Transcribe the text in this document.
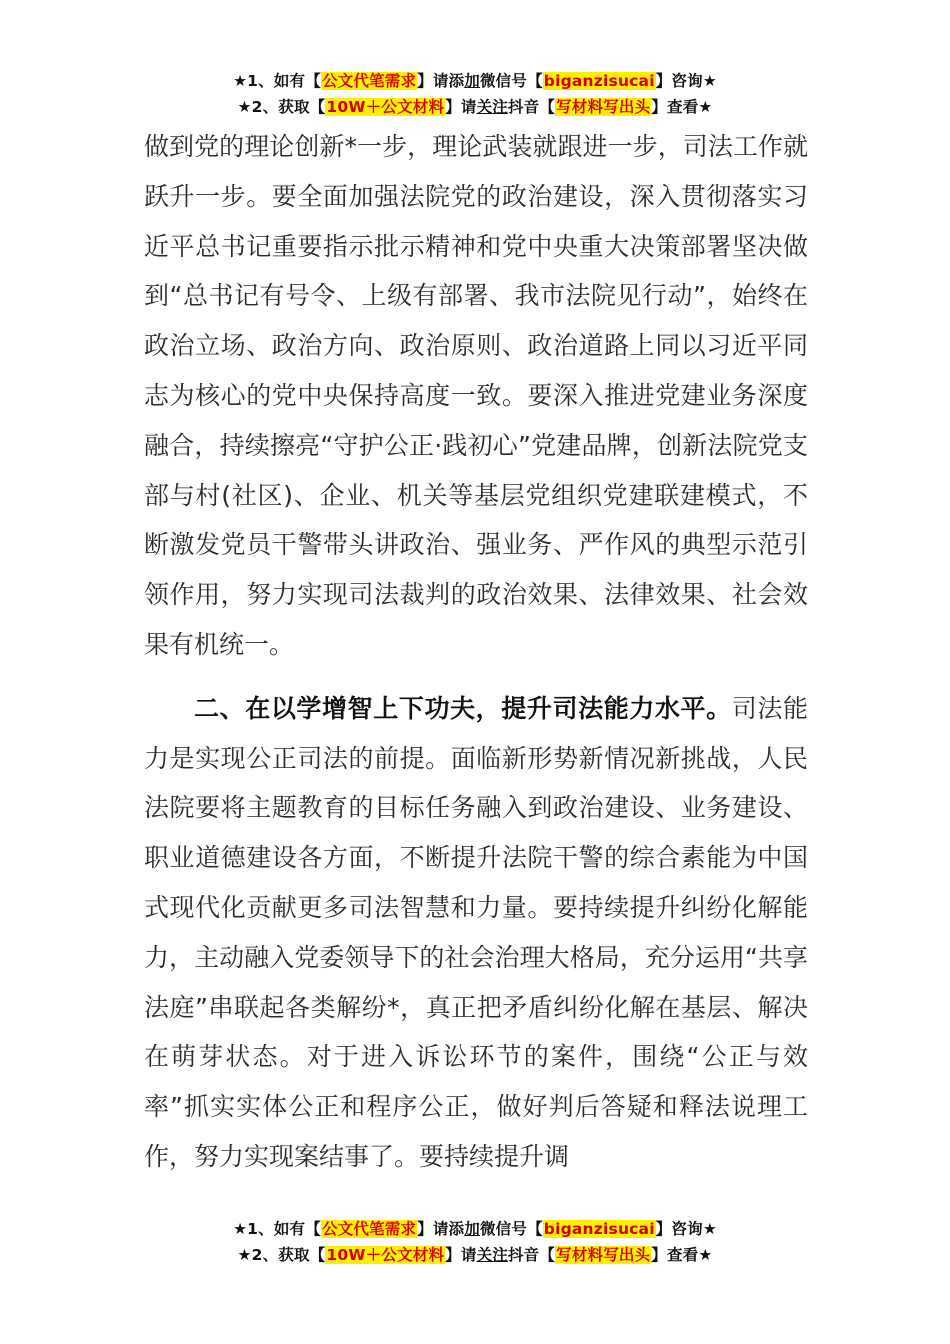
★1、如有【公文代笔需求】请添加微信号【biganzisucai】咨询★
★2、获取【10W＋公文材料】请关注抖音【写材料写出头】查看★

做到党的理论创新*一步，理论武装就跟进一步，司法工作就跃升一步。要全面加强法院党的政治建设，深入贯彻落实习近平总书记重要指示批示精神和党中央重大决策部署坚决做到“总书记有号令、上级有部署、我市法院见行动”，始终在政治立场、政治方向、政治原则、政治道路上同以习近平同志为核心的党中央保持高度一致。要深入推进党建业务深度融合，持续擦亮“守护公正·践初心”党建品牌，创新法院党支部与村(社区)、企业、机关等基层党组织党建联建模式，不断激发党员干警带头讲政治、强业务、严作风的典型示范引领作用，努力实现司法裁判的政治效果、法律效果、社会效果有机统一。

二、在以学增智上下功夫，提升司法能力水平。司法能力是实现公正司法的前提。面临新形势新情况新挑战，人民法院要将主题教育的目标任务融入到政治建设、业务建设、职业道德建设各方面，不断提升法院干警的综合素能为中国式现代化贡献更多司法智慧和力量。要持续提升纠纷化解能力，主动融入党委领导下的社会治理大格局，充分运用“共享法庭”串联起各类解纷*，真正把矛盾纠纷化解在基层、解决在萌芽状态。对于进入诉讼环节的案件，围绕“公正与效率”抓实实体公正和程序公正，做好判后答疑和释法说理工作，努力实现案结事了。要持续提升调

★1、如有【公文代笔需求】请添加微信号【biganzisucai】咨询★
★2、获取【10W＋公文材料】请关注抖音【写材料写出头】查看★
